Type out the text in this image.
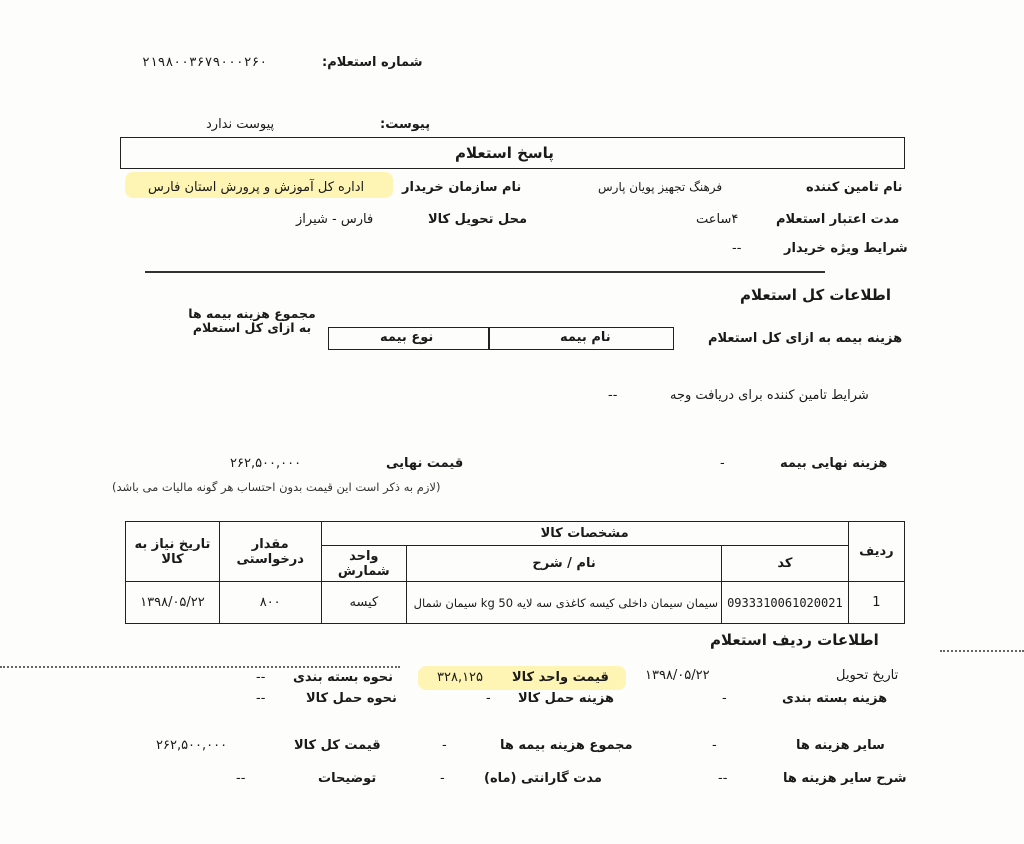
شماره استعلام:
۲۱۹۸۰۰۳۶۷۹۰۰۰۲۶۰
پیوست:
پیوست ندارد
پاسخ استعلام
نام تامین کننده
فرهنگ تجهیز پویان پارس
نام سازمان خریدار
اداره کل آموزش و پرورش استان فارس
مدت اعتبار استعلام
۴ساعت
محل تحویل کالا
فارس - شیراز
شرایط ویژه خریدار
--
اطلاعات کل استعلام
هزینه بیمه به ازای کل استعلام
نام بیمه
نوع بیمه
مجموع هزینه بیمه ها به ازای کل استعلام
شرایط تامین کننده برای دریافت وجه
--
هزینه نهایی بیمه
-
قیمت نهایی
۲۶۲,۵۰۰,۰۰۰
(لازم به ذکر است این قیمت بدون احتساب هر گونه مالیات می باشد)
ردیف	مشخصات کالا			مقدار درخواستی	تاریخ نیاز به کالا
	کد	نام / شرح	واحد شمارش		
1	0933310061020021	سیمان سیمان داخلی کیسه کاغذی سه لایه kg 50 سیمان شمال	کیسه	۸۰۰	۱۳۹۸/۰۵/۲۲
اطلاعات ردیف استعلام
تاریخ تحویل
۱۳۹۸/۰۵/۲۲
قیمت واحد کالا
۳۲۸,۱۲۵
نحوه بسته بندی
--
هزینه بسته بندی
-
هزینه حمل کالا
-
نحوه حمل کالا
--
سایر هزینه ها
-
مجموع هزینه بیمه ها
-
قیمت کل کالا
۲۶۲,۵۰۰,۰۰۰
شرح سایر هزینه ها
--
مدت گارانتی (ماه)
-
توضیحات
--
